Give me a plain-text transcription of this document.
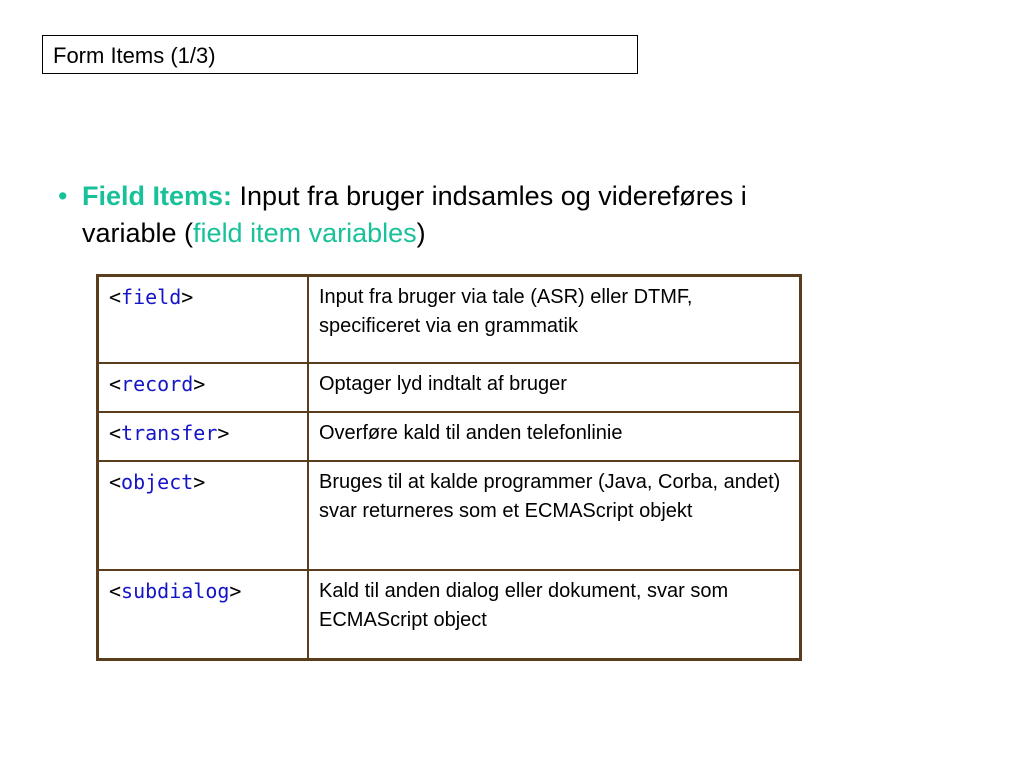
Form Items (1/3)
• Field Items: Input fra bruger indsamles og videreføres i variable (field item variables)
<field>	Input fra bruger via tale (ASR) eller DTMF, specificeret via en grammatik
<record>	Optager lyd indtalt af bruger
<transfer>	Overføre kald til anden telefonlinie
<object>	Bruges til at kalde programmer (Java, Corba, andet) svar returneres som et ECMAScript objekt
<subdialog>	Kald til anden dialog eller dokument, svar som ECMAScript object
